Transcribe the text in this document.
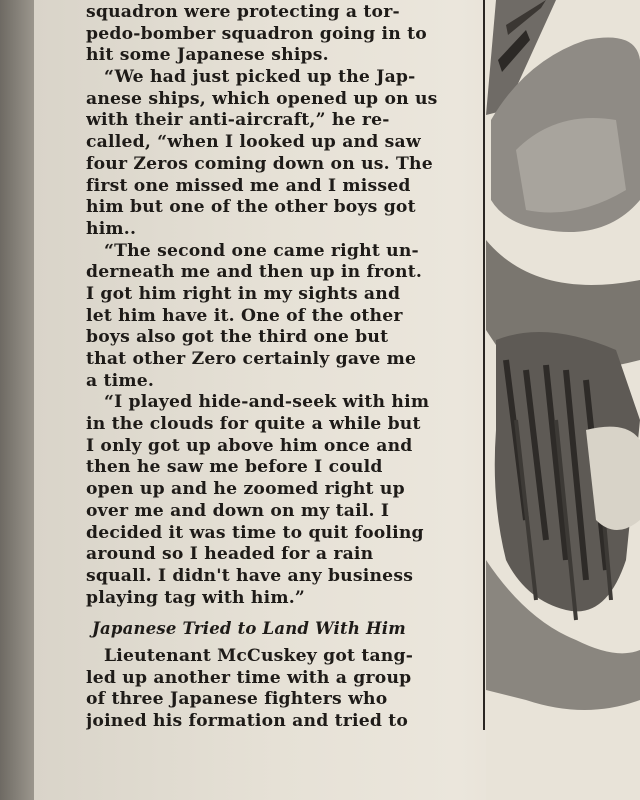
squadron were protecting a tor-
pedo-bomber squadron going in to
hit some Japanese ships.
“We had just picked up the Jap-
anese ships, which opened up on us
with their anti-aircraft,” he re-
called, “when I looked up and saw
four Zeros coming down on us. The
first one missed me and I missed
him but one of the other boys got
him..
“The second one came right un-
derneath me and then up in front.
I got him right in my sights and
let him have it. One of the other
boys also got the third one but
that other Zero certainly gave me
a time.
“I played hide-and-seek with him
in the clouds for quite a while but
I only got up above him once and
then he saw me before I could
open up and he zoomed right up
over me and down on my tail. I
decided it was time to quit fooling
around so I headed for a rain
squall. I didn't have any business
playing tag with him.”
Japanese Tried to Land With Him
Lieutenant McCuskey got tang-
led up another time with a group
of three Japanese fighters who
joined his formation and tried to
